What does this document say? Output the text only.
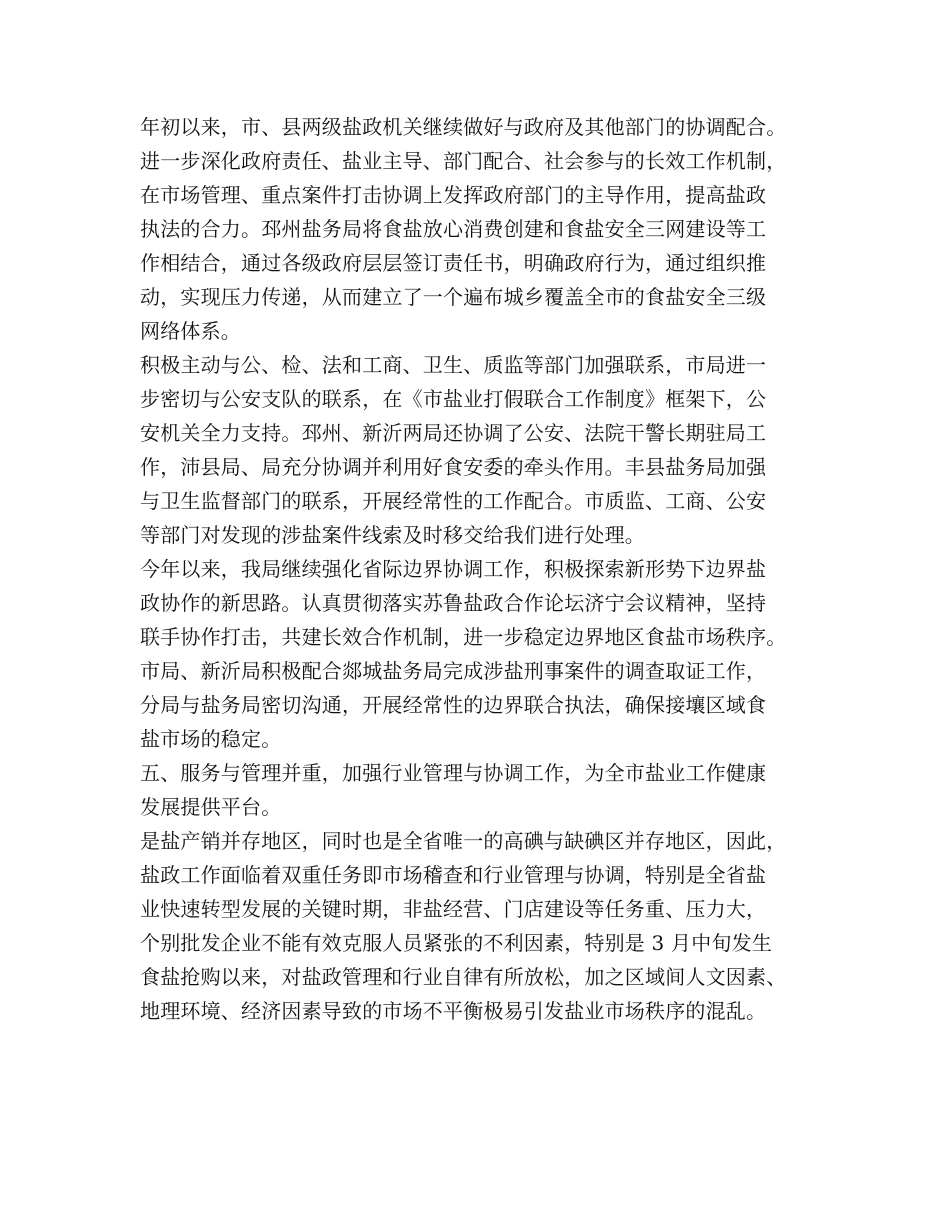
年初以来，市、县两级盐政机关继续做好与政府及其他部门的协调配合。
进一步深化政府责任、盐业主导、部门配合、社会参与的长效工作机制，
在市场管理、重点案件打击协调上发挥政府部门的主导作用，提高盐政
执法的合力。邳州盐务局将食盐放心消费创建和食盐安全三网建设等工
作相结合，通过各级政府层层签订责任书，明确政府行为，通过组织推
动，实现压力传递，从而建立了一个遍布城乡覆盖全市的食盐安全三级
网络体系。
积极主动与公、检、法和工商、卫生、质监等部门加强联系，市局进一
步密切与公安支队的联系，在《市盐业打假联合工作制度》框架下，公
安机关全力支持。邳州、新沂两局还协调了公安、法院干警长期驻局工
作，沛县局、局充分协调并利用好食安委的牵头作用。丰县盐务局加强
与卫生监督部门的联系，开展经常性的工作配合。市质监、工商、公安
等部门对发现的涉盐案件线索及时移交给我们进行处理。
今年以来，我局继续强化省际边界协调工作，积极探索新形势下边界盐
政协作的新思路。认真贯彻落实苏鲁盐政合作论坛济宁会议精神，坚持
联手协作打击，共建长效合作机制，进一步稳定边界地区食盐市场秩序。
市局、新沂局积极配合郯城盐务局完成涉盐刑事案件的调查取证工作，
分局与盐务局密切沟通，开展经常性的边界联合执法，确保接壤区域食
盐市场的稳定。
五、服务与管理并重，加强行业管理与协调工作，为全市盐业工作健康
发展提供平台。
是盐产销并存地区，同时也是全省唯一的高碘与缺碘区并存地区，因此，
盐政工作面临着双重任务即市场稽查和行业管理与协调，特别是全省盐
业快速转型发展的关键时期，非盐经营、门店建设等任务重、压力大，
个别批发企业不能有效克服人员紧张的不利因素，特别是 3 月中旬发生
食盐抢购以来，对盐政管理和行业自律有所放松，加之区域间人文因素、
地理环境、经济因素导致的市场不平衡极易引发盐业市场秩序的混乱。
